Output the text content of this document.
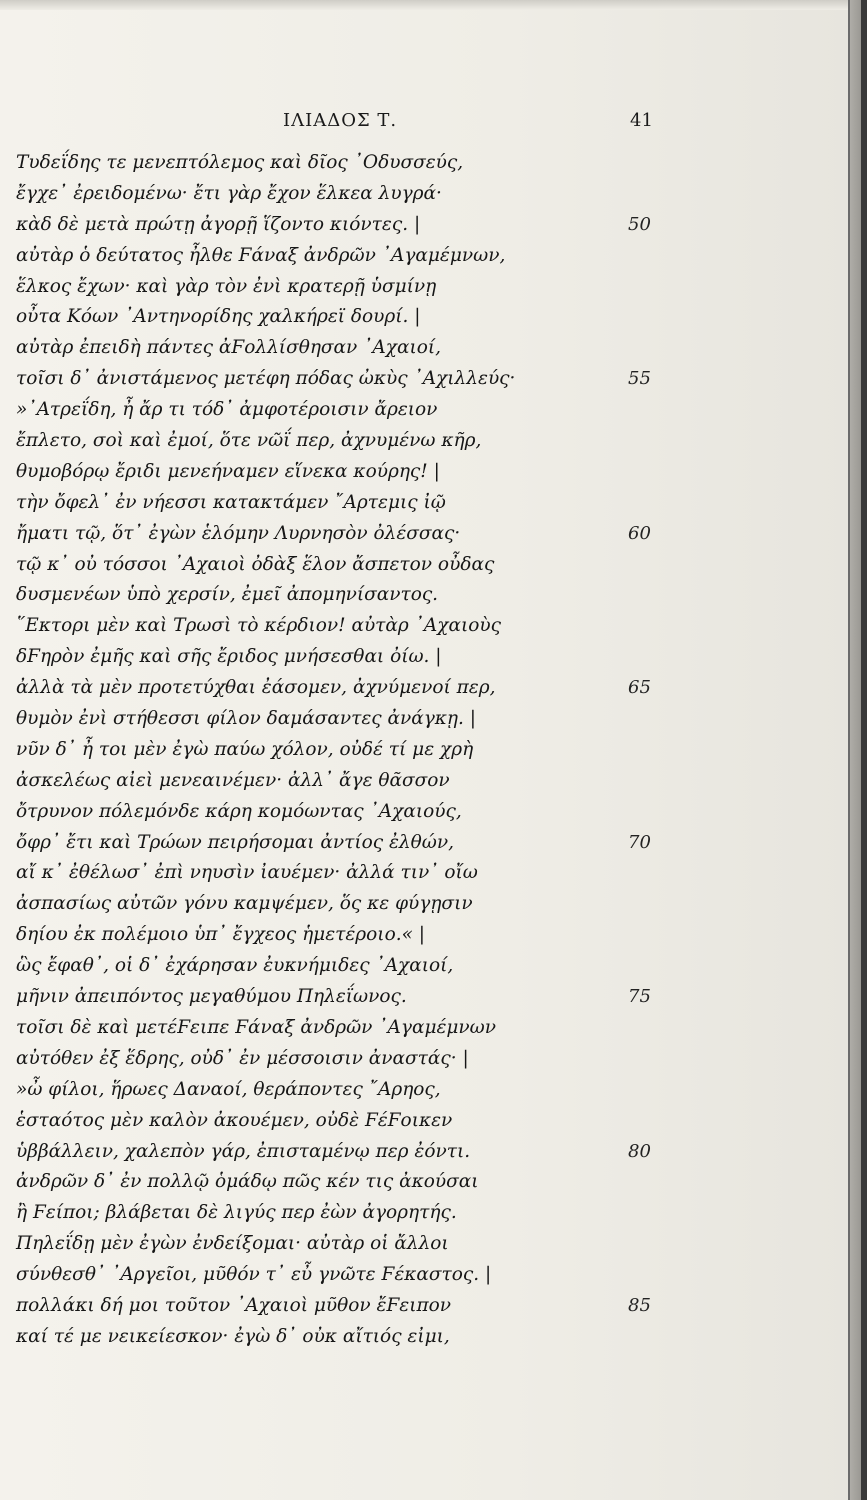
ΙΛΙΑΔΟΣ Τ.	41
Τυδεΐδης τε μενεπτόλεμος καὶ δῖος ᾿Οδυσσεύς,
ἔγχε᾿ ἐρειδομένω· ἔτι γὰρ ἔχον ἕλκεα λυγρά·
κὰδ δὲ μετὰ πρώτῃ ἀγορῇ ἵζοντο κιόντες. |	50
αὐτὰρ ὁ δεύτατος ἦλθε Ϝάναξ ἀνδρῶν ᾿Αγαμέμνων,
ἕλκος ἔχων· καὶ γὰρ τὸν ἐνὶ κρατερῇ ὑσμίνῃ
οὖτα Κόων ᾿Αντηνορίδης χαλκήρεϊ δουρί. |
αὐτὰρ ἐπειδὴ πάντες ἀϜολλίσθησαν ᾿Αχαιοί,
τοῖσι δ᾿ ἀνιστάμενος μετέφη πόδας ὠκὺς ᾿Αχιλλεύς·	55
»᾿Ατρεΐδη, ἦ ἄρ τι τόδ᾿ ἀμφοτέροισιν ἄρειον
ἔπλετο, σοὶ καὶ ἐμοί, ὅτε νῶΐ περ, ἀχνυμένω κῆρ,
θυμοβόρῳ ἔριδι μενεήναμεν εἵνεκα κούρης! |
τὴν ὄφελ᾿ ἐν νήεσσι κατακτάμεν ῎Αρτεμις ἰῷ
ἤματι τῷ, ὅτ᾿ ἐγὼν ἑλόμην Λυρνησὸν ὀλέσσας·	60
τῷ κ᾿ οὐ τόσσοι ᾿Αχαιοὶ ὀδὰξ ἕλον ἄσπετον οὖδας
δυσμενέων ὑπὸ χερσίν, ἐμεῖ ἀπομηνίσαντος.
῞Εκτορι μὲν καὶ Τρωσὶ τὸ κέρδιον! αὐτὰρ ᾿Αχαιοὺς
δϜηρὸν ἐμῆς καὶ σῆς ἔριδος μνήσεσθαι ὀίω. |
ἀλλὰ τὰ μὲν προτετύχθαι ἐάσομεν, ἀχνύμενοί περ,	65
θυμὸν ἐνὶ στήθεσσι φίλον δαμάσαντες ἀνάγκῃ. |
νῦν δ᾿ ἦ τοι μὲν ἐγὼ παύω χόλον, οὐδέ τί με χρὴ
ἀσκελέως αἰεὶ μενεαινέμεν· ἀλλ᾿ ἄγε θᾶσσον
ὄτρυνον πόλεμόνδε κάρη κομόωντας ᾿Αχαιούς,
ὄφρ᾿ ἔτι καὶ Τρώων πειρήσομαι ἀντίος ἐλθών,	70
αἴ κ᾿ ἐθέλωσ᾿ ἐπὶ νηυσὶν ἰαυέμεν· ἀλλά τιν᾿ οἴω
ἀσπασίως αὐτῶν γόνυ καμψέμεν, ὅς κε φύγῃσιν
δηίου ἐκ πολέμοιο ὑπ᾿ ἔγχεος ἡμετέροιο.« |
ὣς ἔφαθ᾿, οἱ δ᾿ ἐχάρησαν ἐυκνήμιδες ᾿Αχαιοί,
μῆνιν ἀπειπόντος μεγαθύμου Πηλεΐωνος.	75
τοῖσι δὲ καὶ μετέϜειπε Ϝάναξ ἀνδρῶν ᾿Αγαμέμνων
αὐτόθεν ἐξ ἕδρης, οὐδ᾿ ἐν μέσσοισιν ἀναστάς· |
»ὦ φίλοι, ἥρωες Δαναοί, θεράποντες ῎Αρηος,
ἑσταότος μὲν καλὸν ἀκουέμεν, οὐδὲ ϜέϜοικεν
ὑββάλλειν, χαλεπὸν γάρ, ἐπισταμένῳ περ ἐόντι.	80
ἀνδρῶν δ᾿ ἐν πολλῷ ὁμάδῳ πῶς κέν τις ἀκούσαι
ἢ Ϝείποι; βλάβεται δὲ λιγύς περ ἐὼν ἀγορητής.
Πηλεΐδῃ μὲν ἐγὼν ἐνδείξομαι· αὐτὰρ οἱ ἄλλοι
σύνθεσθ᾿ ᾿Αργεῖοι, μῦθόν τ᾿ εὖ γνῶτε Ϝέκαστος. |
πολλάκι δή μοι τοῦτον ᾿Αχαιοὶ μῦθον ἔϜειπον	85
καί τέ με νεικείεσκον· ἐγὼ δ᾿ οὐκ αἴτιός εἰμι,
